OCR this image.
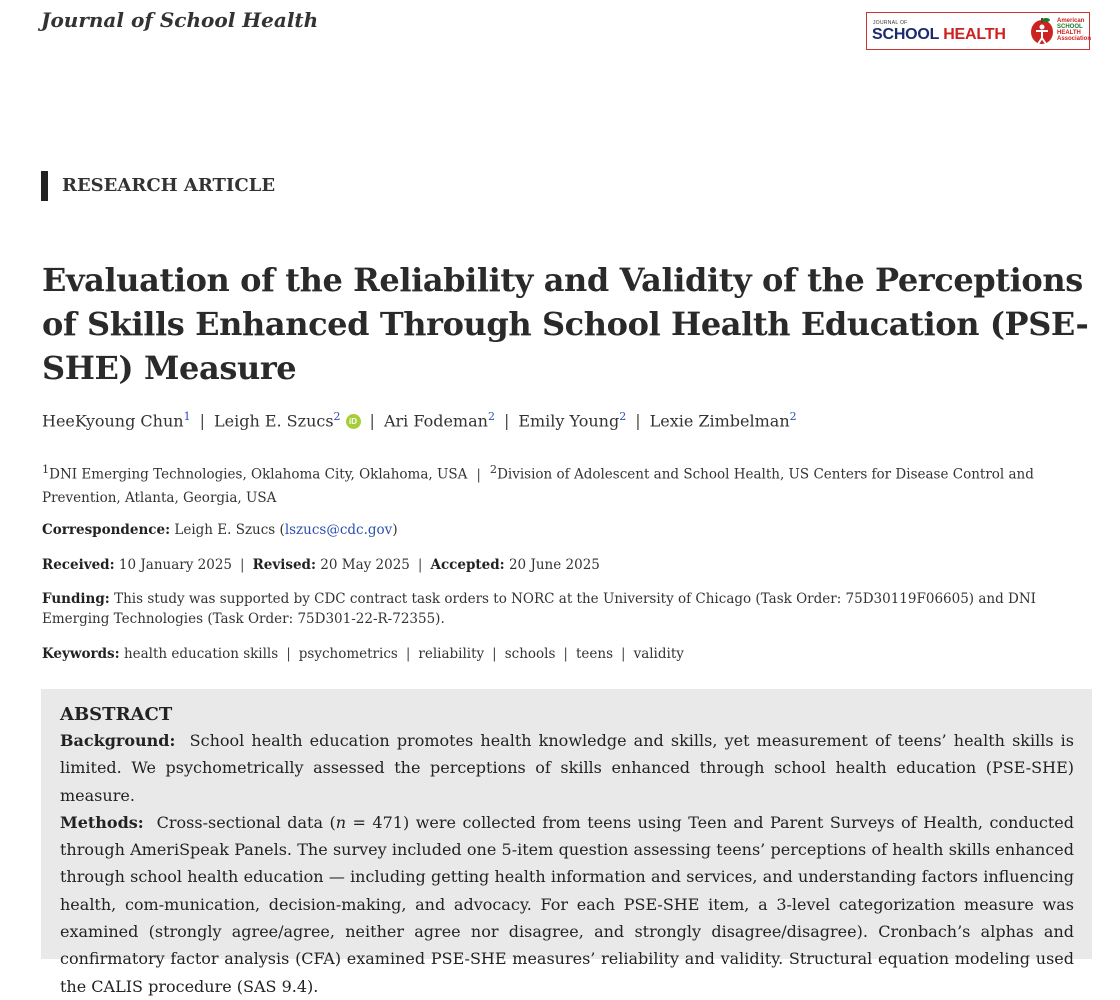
Journal of School Health	JOURNAL OF
SCHOOL HEALTH
American
SCHOOL
HEALTH
Association
RESEARCH ARTICLE
Evaluation of the Reliability and Validity of the Perceptions of Skills Enhanced Through School Health Education (PSE-SHE) Measure
HeeKyoung Chun$^1$ | Leigh E. Szucs$^2$ iD | Ari Fodeman$^2$ | Emily Young$^2$ | Lexie Zimbelman$^2$
$^1$DNI Emerging Technologies, Oklahoma City, Oklahoma, USA | $^2$Division of Adolescent and School Health, US Centers for Disease Control and Prevention, Atlanta, Georgia, USA
Correspondence: Leigh E. Szucs (lszucs@cdc.gov)
Received: 10 January 2025 | Revised: 20 May 2025 | Accepted: 20 June 2025
Funding: This study was supported by CDC contract task orders to NORC at the University of Chicago (Task Order: 75D30119F06605) and DNI Emerging Technologies (Task Order: 75D301-22-R-72355).
Keywords: health education skills | psychometrics | reliability | schools | teens | validity
ABSTRACT

Background: School health education promotes health knowledge and skills, yet measurement of teens’ health skills is limited. We psychometrically assessed the perceptions of skills enhanced through school health education (PSE-SHE) measure.

Methods: Cross-sectional data (n = 471) were collected from teens using Teen and Parent Surveys of Health, conducted through AmeriSpeak Panels. The survey included one 5-item question assessing teens’ perceptions of health skills enhanced through school health education — including getting health information and services, and understanding factors influencing health, com-munication, decision-making, and advocacy. For each PSE-SHE item, a 3-level categorization measure was examined (strongly agree/agree, neither agree nor disagree, and strongly disagree/disagree). Cronbach’s alphas and confirmatory factor analysis (CFA) examined PSE-SHE measures’ reliability and validity. Structural equation modeling used the CALIS procedure (SAS 9.4).
